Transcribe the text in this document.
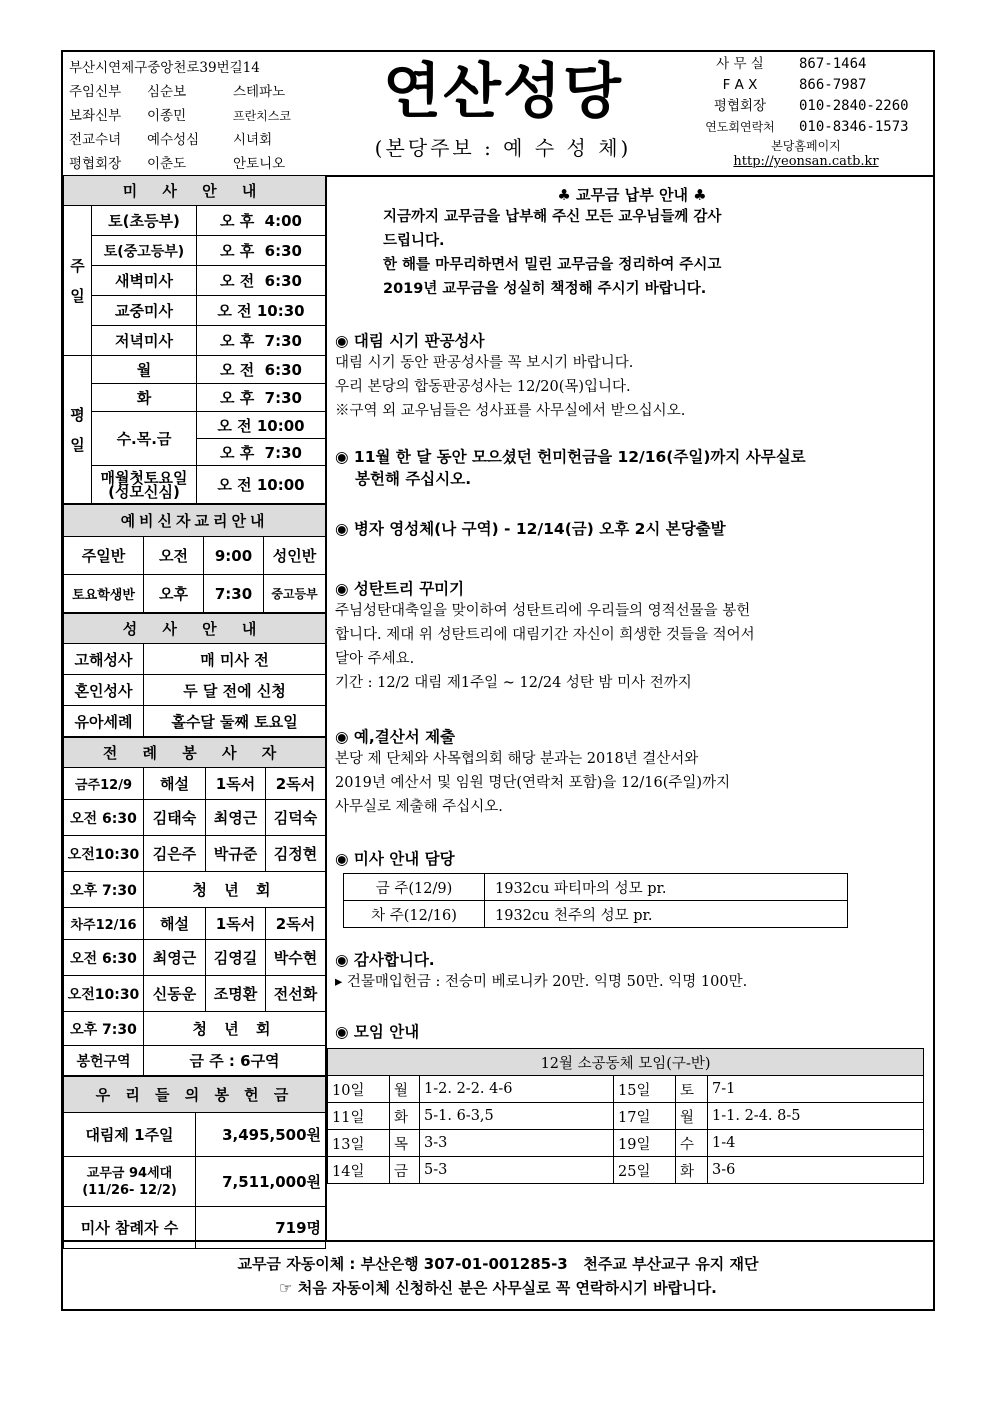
부산시연제구중앙천로39번길14
주임신부	심순보	스테파노
보좌신부	이종민	프란치스코
전교수녀	예수성심	시녀회
평협회장	이춘도	안토니오
연산성당
(본당주보 : 예 수 성 체)
사 무 실	867-1464
F A X	866-7987
평협회장	010-2840-2260
연도회연락처	010-8346-1573
본당홈페이지
http://yeonsan.catb.kr
미 사 안 내		
주 일	토(초등부)	오 후  4:00
	토(중고등부)	오 후  6:30
	새벽미사	오 전  6:30
	교중미사	오 전 10:30
	저녁미사	오 후  7:30
평 일	월	오 전  6:30
	화	오 후  7:30
	수.목.금	오 전 10:00
		오 후  7:30
	매월첫토요일(성모신심)	오 전 10:00
예비신자교리안내			
주일반	오전	9:00	성인반
토요학생반	오후	7:30	중고등부
성 사 안 내	
고해성사	매 미사 전
혼인성사	두 달 전에 신청
유아세례	홀수달 둘째 토요일
전 례 봉 사 자			
금주12/9	해설	1독서	2독서
오전 6:30	김태숙	최영근	김덕숙
오전10:30	김은주	박규준	김정현
오후 7:30	청 년 회		
차주12/16	해설	1독서	2독서
오전 6:30	최영근	김영길	박수현
오전10:30	신동운	조명환	전선화
오후 7:30	청 년 회		
봉헌구역	금 주 : 6구역		
우 리 들 의 봉 헌 금	
대림제 1주일	3,495,500원
교무금 94세대 (11/26- 12/2)	7,511,000원
미사 참례자 수	719명
♣ 교무금 납부 안내 ♣

지금까지 교무금을 납부해 주신 모든 교우님들께 감사

드립니다.

한 해를 마무리하면서 밀린 교무금을 정리하여 주시고

2019년 교무금을 성실히 책정해 주시기 바랍니다.

◉ 대림 시기 판공성사

대림 시기 동안 판공성사를 꼭 보시기 바랍니다.

우리 본당의 합동판공성사는 12/20(목)입니다.

※구역 외 교우님들은 성사표를 사무실에서 받으십시오.

◉ 11월 한 달 동안 모으셨던 헌미헌금을 12/16(주일)까지 사무실로

봉헌해 주십시오.

◉ 병자 영성체(나 구역) - 12/14(금) 오후 2시 본당출발

◉ 성탄트리 꾸미기

주님성탄대축일을 맞이하여 성탄트리에 우리들의 영적선물을 봉헌

합니다. 제대 위 성탄트리에 대림기간 자신이 희생한 것들을 적어서

달아 주세요.

기간 : 12/2 대림 제1주일 ~ 12/24 성탄 밤 미사 전까지

◉ 예,결산서 제출

본당 제 단체와 사목협의회 해당 분과는 2018년 결산서와

2019년 예산서 및 임원 명단(연락처 포함)을 12/16(주일)까지

사무실로 제출해 주십시오.

◉ 미사 안내 담당

금 주(12/9)	1932cu 파티마의 성모 pr.
차 주(12/16)	1932cu 천주의 성모 pr.

◉ 감사합니다.

▸ 건물매입헌금 : 전승미 베로니카 20만. 익명 50만. 익명 100만.

◉ 모임 안내

12월 소공동체 모임(구-반)					
10일	월	1-2. 2-2. 4-6	15일	토	7-1
11일	화	5-1. 6-3,5	17일	월	1-1. 2-4. 8-5
13일	목	3-3	19일	수	1-4
14일	금	5-3	25일	화	3-6
교무금 자동이체 : 부산은행 307-01-001285-3   천주교 부산교구 유지 재단
☞ 처음 자동이체 신청하신 분은 사무실로 꼭 연락하시기 바랍니다.
